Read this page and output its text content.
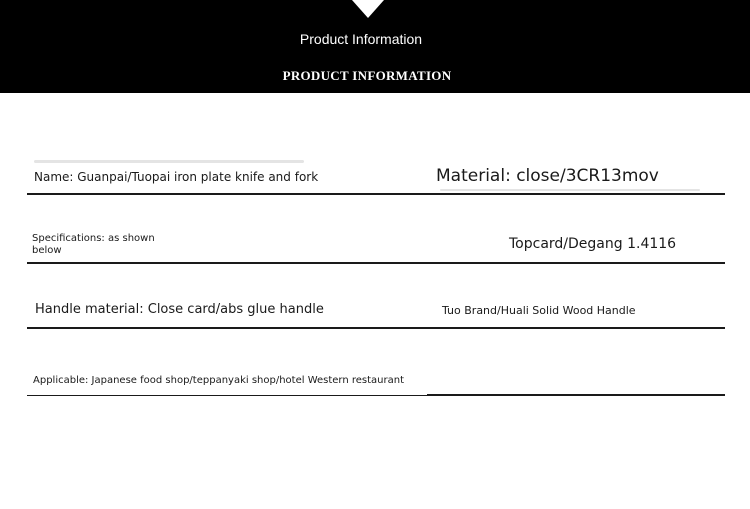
Product Information
PRODUCT INFORMATION
Name: Guanpai/Tuopai iron plate knife and fork	Material: close/3CR13mov
Specifications: as shown
below	Topcard/Degang 1.4116
Handle material: Close card/abs glue handle	Tuo Brand/Huali Solid Wood Handle
Applicable: Japanese food shop/teppanyaki shop/hotel Western restaurant
